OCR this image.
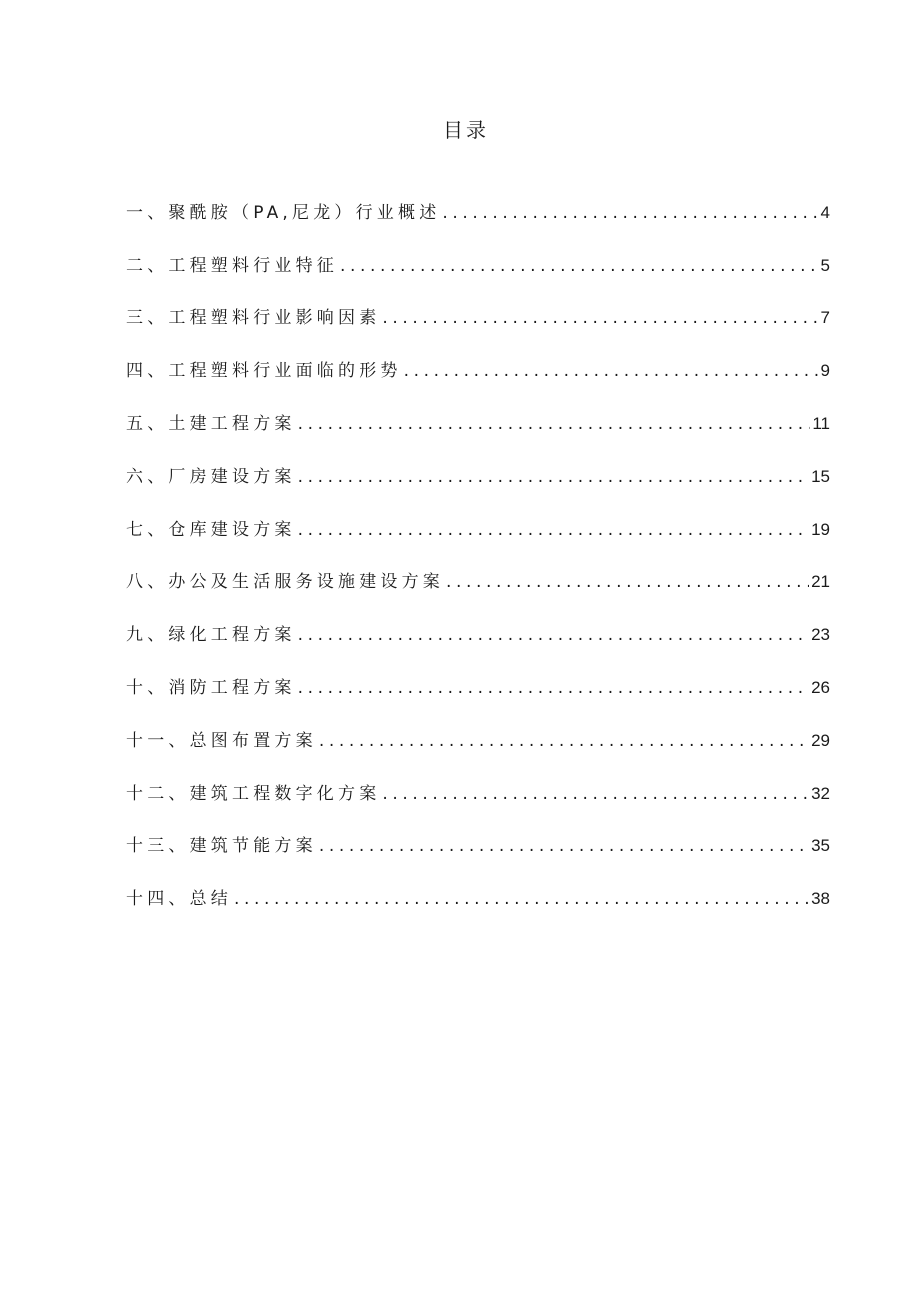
目录
一、聚酰胺（PA,尼龙）行业概述 .....	4
二、工程塑料行业特征 .....	5
三、工程塑料行业影响因素 .....	7
四、工程塑料行业面临的形势 .....	9
五、土建工程方案 .....	11
六、厂房建设方案 .....	15
七、仓库建设方案 .....	19
八、办公及生活服务设施建设方案 .....	21
九、绿化工程方案 .....	23
十、消防工程方案 .....	26
十一、总图布置方案 .....	29
十二、建筑工程数字化方案 .....	32
十三、建筑节能方案 .....	35
十四、总结 .....	38
